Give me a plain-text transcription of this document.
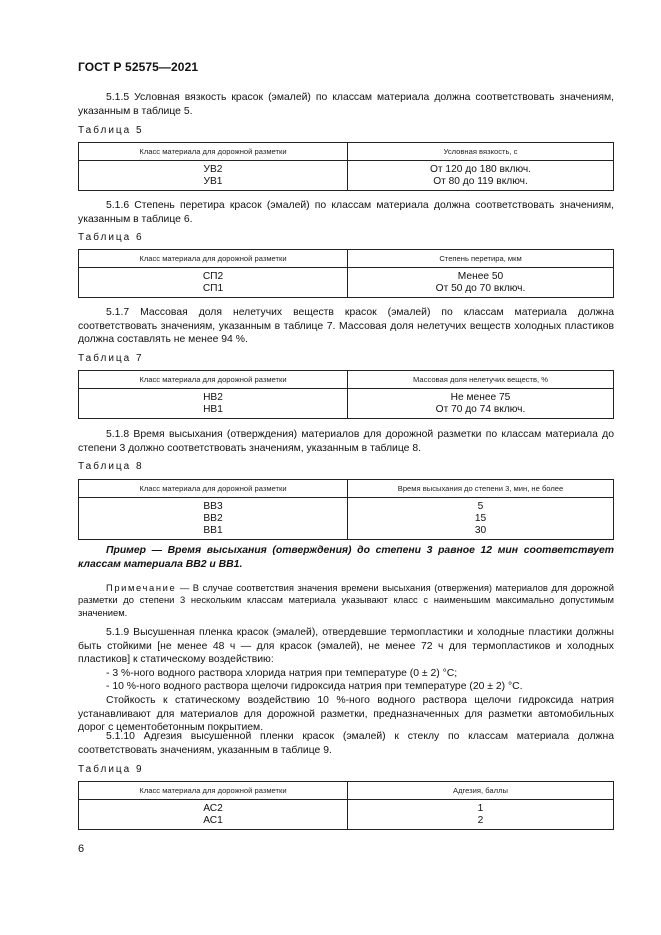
ГОСТ Р 52575—2021

5.1.5 Условная вязкость красок (эмалей) по классам материала должна соответствовать значениям, указанным в таблице 5.

Таблица 5

Класс материала для дорожной разметки	Условная вязкость, с
УВ2	От 120 до 180 включ.
УВ1	От 80 до 119 включ.

5.1.6 Степень перетира красок (эмалей) по классам материала должна соответствовать значениям, указанным в таблице 6.

Таблица 6

Класс материала для дорожной разметки	Степень перетира, мкм
СП2	Менее 50
СП1	От 50 до 70 включ.

5.1.7 Массовая доля нелетучих веществ красок (эмалей) по классам материала должна соответствовать значениям, указанным в таблице 7. Массовая доля нелетучих веществ холодных пластиков должна составлять не менее 94 %.

Таблица 7

Класс материала для дорожной разметки	Массовая доля нелетучих веществ, %
НВ2	Не менее 75
НВ1	От 70 до 74 включ.

5.1.8 Время высыхания (отверждения) материалов для дорожной разметки по классам материала до степени 3 должно соответствовать значениям, указанным в таблице 8.

Таблица 8

Класс материала для дорожной разметки	Время высыхания до степени 3, мин, не более
ВВ3	5
ВВ2	15
ВВ1	30

Пример — Время высыхания (отверждения) до степени 3 равное 12 мин соответствует классам материала ВВ2 и ВВ1.

Примечание — В случае соответствия значения времени высыхания (отвержения) материалов для дорожной разметки до степени 3 нескольким классам материала указывают класс с наименьшим максимально допустимым значением.

5.1.9 Высушенная пленка красок (эмалей), отвердевшие термопластики и холодные пластики должны быть стойкими [не менее 48 ч — для красок (эмалей), не менее 72 ч для термопластиков и холодных пластиков] к статическому воздействию:

- 3 %-ного водного раствора хлорида натрия при температуре (0 ± 2) °С;

- 10 %-ного водного раствора щелочи гидроксида натрия при температуре (20 ± 2) °С.

Стойкость к статическому воздействию 10 %-ного водного раствора щелочи гидроксида натрия устанавливают для материалов для дорожной разметки, предназначенных для разметки автомобильных дорог с цементобетонным покрытием.

5.1.10 Адгезия высушенной пленки красок (эмалей) к стеклу по классам материала должна соответствовать значениям, указанным в таблице 9.

Таблица 9

Класс материала для дорожной разметки	Адгезия, баллы
АС2	1
АС1	2
6
